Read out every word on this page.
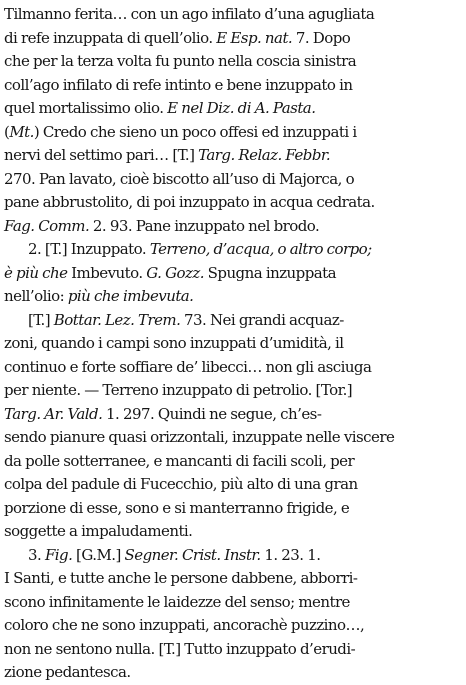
Tilmanno ferita… con un ago infilato d’una agugliata
di refe inzuppata di quell’olio. E Esp. nat. 7. Dopo
che per la terza volta fu punto nella coscia sinistra
coll’ago infilato di refe intinto e bene inzuppato in
quel mortalissimo olio. E nel Diz. di A. Pasta.
(Mt.) Credo che sieno un poco offesi ed inzuppati i
nervi del settimo pari… [T.] Targ. Relaz. Febbr.
270. Pan lavato, cioè biscotto all’uso di Majorca, o
pane abbrustolito, di poi inzuppato in acqua cedrata.
Fag. Comm. 2. 93. Pane inzuppato nel brodo.
2. [T.] Inzuppato. Terreno, d’acqua, o altro corpo;
è più che Imbevuto. G. Gozz. Spugna inzuppata
nell’olio: più che imbevuta.
[T.] Bottar. Lez. Trem. 73. Nei grandi acquaz-
zoni, quando i campi sono inzuppati d’umidità, il
continuo e forte soffiare de’ libecci… non gli asciuga
per niente. — Terreno inzuppato di petrolio. [Tor.]
Targ. Ar. Vald. 1. 297. Quindi ne segue, ch’es-
sendo pianure quasi orizzontali, inzuppate nelle viscere
da polle sotterranee, e mancanti di facili scoli, per
colpa del padule di Fucecchio, più alto di una gran
porzione di esse, sono e si manterranno frigide, e
soggette a impaludamenti.
3. Fig. [G.M.] Segner. Crist. Instr. 1. 23. 1.
I Santi, e tutte anche le persone dabbene, abborri-
scono infinitamente le laidezze del senso; mentre
coloro che ne sono inzuppati, ancorachè puzzino…,
non ne sentono nulla. [T.] Tutto inzuppato d’erudi-
zione pedantesca.
